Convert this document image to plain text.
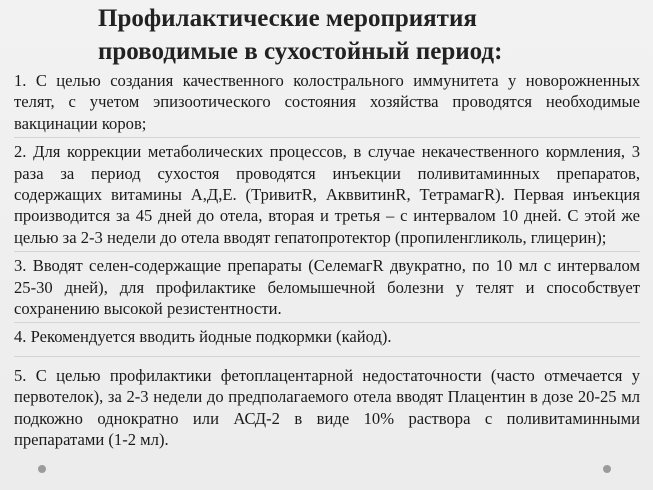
Профилактические мероприятия
проводимые в сухостойный период:
1. С целью создания качественного колострального иммунитета у новорожненных телят, с учетом эпизоотического состояния хозяйства проводятся необходимые вакцинации коров;
2. Для коррекции метаболических процессов, в случае некачественного кормления, 3 раза за период сухостоя проводятся инъекции поливитаминных препаратов, содержащих витамины А,Д,Е. (ТривитR, АкввитинR, ТетрамагR). Первая инъекция производится за 45 дней до отела, вторая и третья – с интервалом 10 дней. С этой же целью за 2-3 недели до отела вводят гепатопротектор (пропиленгликоль, глицерин);
3. Вводят селен-содержащие препараты (СелемагR двукратно, по 10 мл с интервалом 25-30 дней), для профилактике беломышечной болезни у телят и способствует сохранению высокой резистентности.
4. Рекомендуется вводить йодные подкормки (кайод).
5. С целью профилактики фетоплацентарной недостаточности (часто отмечается у первотелок), за 2-3 недели до предполагаемого отела вводят Плацентин в дозе 20-25 мл подкожно однократно или АСД-2 в виде 10% раствора с поливитаминными препаратами (1-2 мл).
